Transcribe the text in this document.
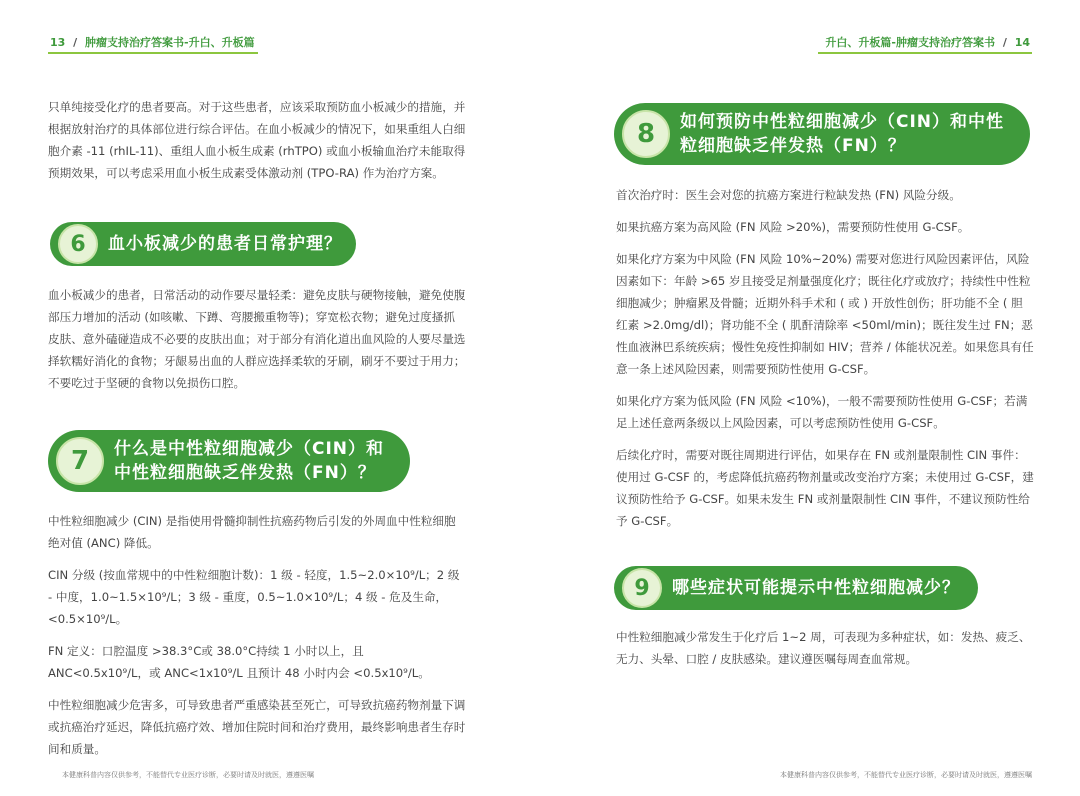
13 / 肿瘤支持治疗答案书-升白、升板篇	升白、升板篇-肿瘤支持治疗答案书 / 14

只单纯接受化疗的患者要高。对于这些患者，应该采取预防血小板减少的措施，并根据放射治疗的具体部位进行综合评估。在血小板减少的情况下，如果重组人白细胞介素 -11 (rhIL-11)、重组人血小板生成素 (rhTPO) 或血小板输血治疗未能取得预期效果，可以考虑采用血小板生成素受体激动剂 (TPO-RA) 作为治疗方案。

6	血小板减少的患者日常护理？

血小板减少的患者，日常活动的动作要尽量轻柔：避免皮肤与硬物接触，避免使腹部压力增加的活动 (如咳嗽、下蹲、弯腰搬重物等)；穿宽松衣物；避免过度搔抓皮肤、意外磕碰造成不必要的皮肤出血；对于部分有消化道出血风险的人要尽量选择软糯好消化的食物；牙龈易出血的人群应选择柔软的牙刷，刷牙不要过于用力；不要吃过于坚硬的食物以免损伤口腔。

7	什么是中性粒细胞减少（CIN）和
中性粒细胞缺乏伴发热（FN）？

中性粒细胞减少 (CIN) 是指使用骨髓抑制性抗癌药物后引发的外周血中性粒细胞绝对值 (ANC) 降低。

CIN 分级 (按血常规中的中性粒细胞计数)：1 级 - 轻度，1.5~2.0×10⁹/L；2 级 - 中度，1.0~1.5×10⁹/L；3 级 - 重度，0.5~1.0×10⁹/L；4 级 - 危及生命，<0.5×10⁹/L。

FN 定义：口腔温度 >38.3°C或 38.0°C持续 1 小时以上，且 ANC<0.5x10⁹/L，或 ANC<1x10⁹/L 且预计 48 小时内会 <0.5x10⁹/L。

中性粒细胞减少危害多，可导致患者严重感染甚至死亡，可导致抗癌药物剂量下调或抗癌治疗延迟，降低抗癌疗效、增加住院时间和治疗费用，最终影响患者生存时间和质量。

本健康科普内容仅供参考，不能替代专业医疗诊断，必要时请及时就医，遵遵医嘱
8	如何预防中性粒细胞减少（CIN）和中性
粒细胞缺乏伴发热（FN）？

首次治疗时：医生会对您的抗癌方案进行粒缺发热 (FN) 风险分级。

如果抗癌方案为高风险 (FN 风险 >20%)，需要预防性使用 G-CSF。

如果化疗方案为中风险 (FN 风险 10%~20%) 需要对您进行风险因素评估，风险因素如下：年龄 >65 岁且接受足剂量强度化疗；既往化疗或放疗；持续性中性粒细胞减少；肿瘤累及骨髓；近期外科手术和 ( 或 ) 开放性创伤；肝功能不全 ( 胆红素 >2.0mg/dl)；肾功能不全 ( 肌酐清除率 <50ml/min)；既往发生过 FN；恶性血液淋巴系统疾病；慢性免疫性抑制如 HIV；营养 / 体能状况差。如果您具有任意一条上述风险因素，则需要预防性使用 G-CSF。

如果化疗方案为低风险 (FN 风险 <10%)，一般不需要预防性使用 G-CSF；若满足上述任意两条级以上风险因素，可以考虑预防性使用 G-CSF。

后续化疗时，需要对既往周期进行评估，如果存在 FN 或剂量限制性 CIN 事件：使用过 G-CSF 的，考虑降低抗癌药物剂量或改变治疗方案；未使用过 G-CSF，建议预防性给予 G-CSF。如果未发生 FN 或剂量限制性 CIN 事件，不建议预防性给予 G-CSF。

9	哪些症状可能提示中性粒细胞减少？

中性粒细胞减少常发生于化疗后 1~2 周，可表现为多种症状，如：发热、疲乏、无力、头晕、口腔 / 皮肤感染。建议遵医嘱每周查血常规。

本健康科普内容仅供参考，不能替代专业医疗诊断，必要时请及时就医，遵遵医嘱
